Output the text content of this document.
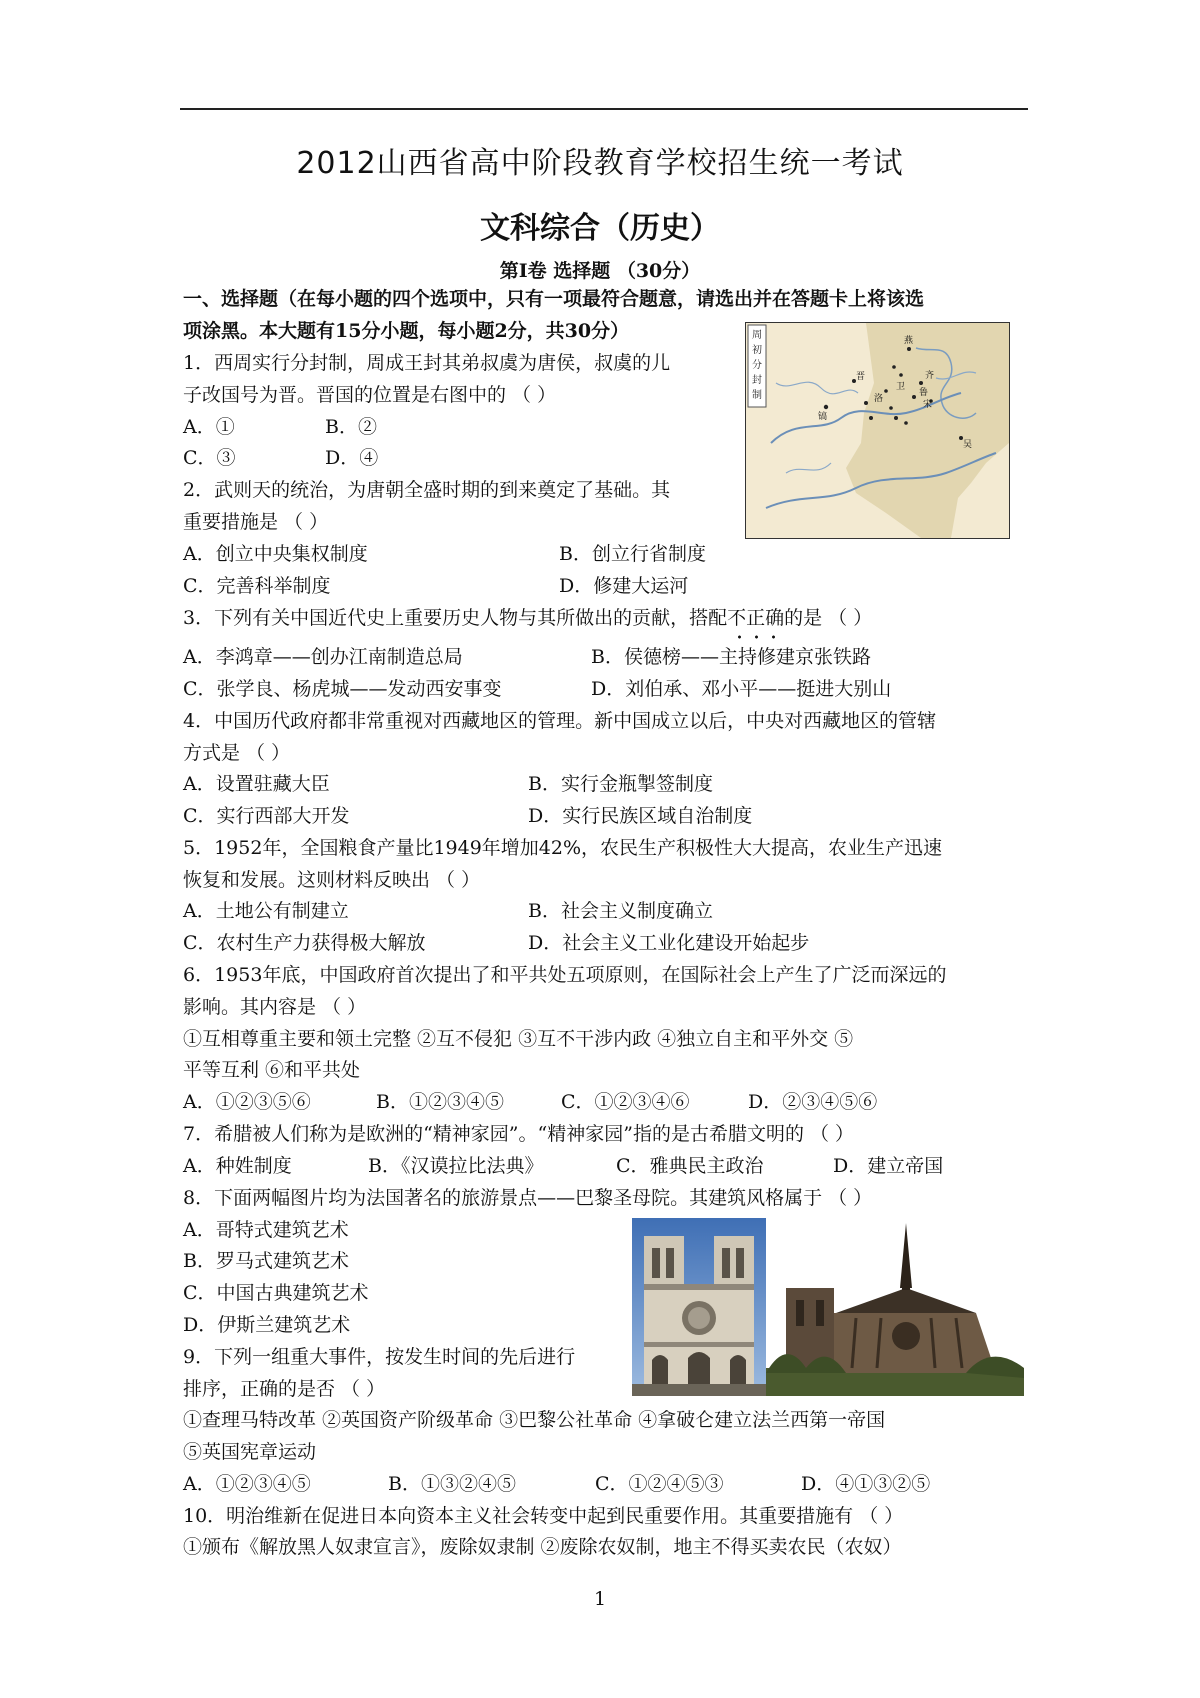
2012山西省高中阶段教育学校招生统一考试
文科综合（历史）
第Ⅰ卷 选择题 （30分）
一、选择题（在每小题的四个选项中，只有一项最符合题意，请选出并在答题卡上将该选
项涂黑。本大题有15分小题，每小题2分，共30分）	周
初
分
封
制
燕
卫
齐
鲁
宋
晋
洛
镐
吴
1．西周实行分封制，周成王封其弟叔虞为唐侯，叔虞的儿
子改国号为晋。晋国的位置是右图中的 （ ）
A．①	B．②
C．③	D．④
2．武则天的统治，为唐朝全盛时期的到来奠定了基础。其
重要措施是 （ ）
A．创立中央集权制度	B．创立行省制度
C．完善科举制度	D．修建大运河
3．下列有关中国近代史上重要历史人物与其所做出的贡献，搭配不正确
的是 （ ）
A．李鸿章——创办江南制造总局	B．侯德榜——主持修建京张铁路
C．张学良、杨虎城——发动西安事变	D．刘伯承、邓小平——挺进大别山
4．中国历代政府都非常重视对西藏地区的管理。新中国成立以后，中央对西藏地区的管辖
方式是 （ ）
A．设置驻藏大臣	B．实行金瓶掣签制度
C．实行西部大开发	D．实行民族区域自治制度
5．1952年，全国粮食产量比1949年增加42%，农民生产积极性大大提高，农业生产迅速
恢复和发展。这则材料反映出 （ ）
A．土地公有制建立	B．社会主义制度确立
C．农村生产力获得极大解放	D．社会主义工业化建设开始起步
6．1953年底，中国政府首次提出了和平共处五项原则，在国际社会上产生了广泛而深远的
影响。其内容是 （ ）
①互相尊重主要和领土完整 ②互不侵犯 ③互不干涉内政 ④独立自主和平外交 ⑤
平等互利 ⑥和平共处
A．①②③⑤⑥	B．①②③④⑤	C．①②③④⑥	D．②③④⑤⑥
7．希腊被人们称为是欧洲的“精神家园”。“精神家园”指的是古希腊文明的 （ ）
A．种姓制度	B．《汉谟拉比法典》	C．雅典民主政治	D．建立帝国
8．下面两幅图片均为法国著名的旅游景点——巴黎圣母院。其建筑风格属于 （ ）
A．哥特式建筑艺术
B．罗马式建筑艺术
C．中国古典建筑艺术
D．伊斯兰建筑艺术
9．下列一组重大事件，按发生时间的先后进行
排序，正确的是否 （ ）
①查理马特改革 ②英国资产阶级革命 ③巴黎公社革命 ④拿破仑建立法兰西第一帝国
⑤英国宪章运动
A．①②③④⑤	B．①③②④⑤	C．①②④⑤③	D．④①③②⑤
10．明治维新在促进日本向资本主义社会转变中起到民重要作用。其重要措施有 （ ）
①颁布《解放黑人奴隶宣言》，废除奴隶制 ②废除农奴制，地主不得买卖农民（农奴）
1
